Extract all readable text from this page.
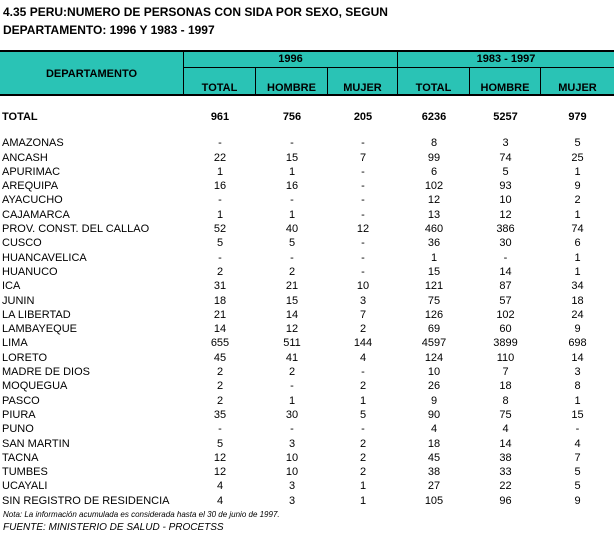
4.35 PERU:NUMERO DE PERSONAS CON SIDA POR SEXO, SEGUN
DEPARTAMENTO: 1996 Y 1983 - 1997
DEPARTAMENTO
1996	1983 - 1997
TOTAL	HOMBRE	MUJER	TOTAL	HOMBRE	MUJER
TOTAL	961	756	205	6236	5257	979

AMAZONAS	-	-	-	8	3	5
ANCASH	22	15	7	99	74	25
APURIMAC	1	1	-	6	5	1
AREQUIPA	16	16	-	102	93	9
AYACUCHO	-	-	-	12	10	2
CAJAMARCA	1	1	-	13	12	1
PROV. CONST. DEL CALLAO	52	40	12	460	386	74
CUSCO	5	5	-	36	30	6
HUANCAVELICA	-	-	-	1	-	1
HUANUCO	2	2	-	15	14	1
ICA	31	21	10	121	87	34
JUNIN	18	15	3	75	57	18
LA LIBERTAD	21	14	7	126	102	24
LAMBAYEQUE	14	12	2	69	60	9
LIMA	655	511	144	4597	3899	698
LORETO	45	41	4	124	110	14
MADRE DE DIOS	2	2	-	10	7	3
MOQUEGUA	2	-	2	26	18	8
PASCO	2	1	1	9	8	1
PIURA	35	30	5	90	75	15
PUNO	-	-	-	4	4	-
SAN MARTIN	5	3	2	18	14	4
TACNA	12	10	2	45	38	7
TUMBES	12	10	2	38	33	5
UCAYALI	4	3	1	27	22	5
SIN REGISTRO DE RESIDENCIA	4	3	1	105	96	9
Nota: La información acumulada es considerada hasta el 30 de junio de 1997.
FUENTE: MINISTERIO DE SALUD - PROCETSS
